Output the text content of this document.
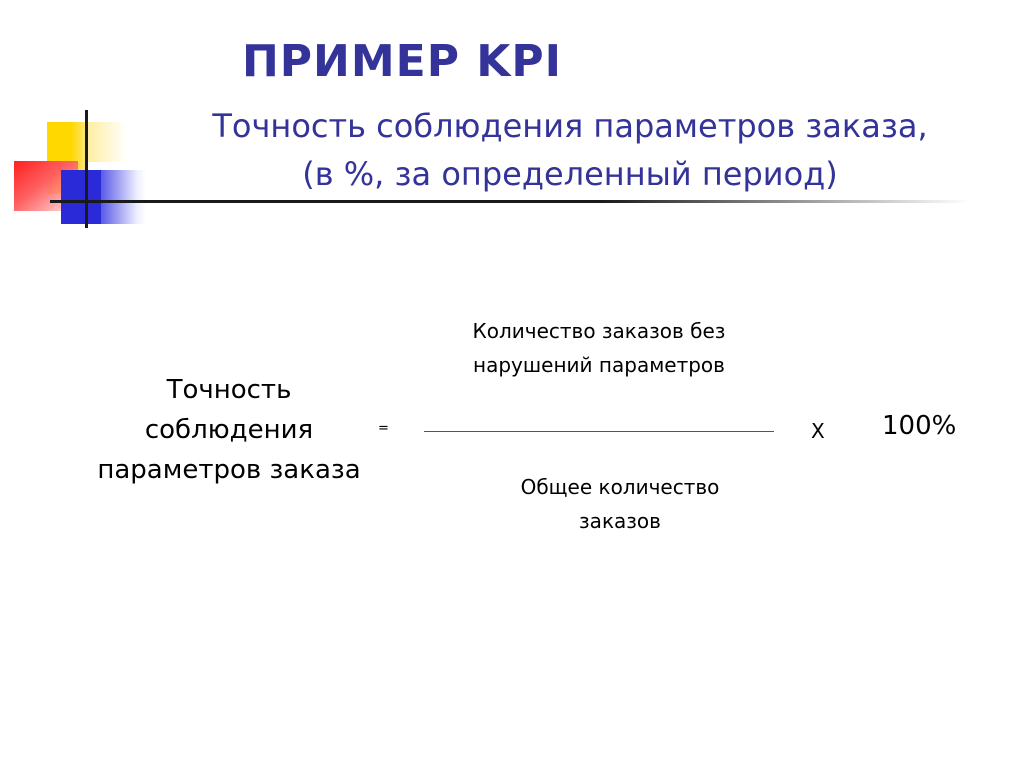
ПРИМЕР KPI
Точность соблюдения параметров заказа,
(в %, за определенный период)
Точность
соблюдения
параметров заказа
=
Количество заказов без
нарушений параметров
Общее количество
заказов
X 100%
